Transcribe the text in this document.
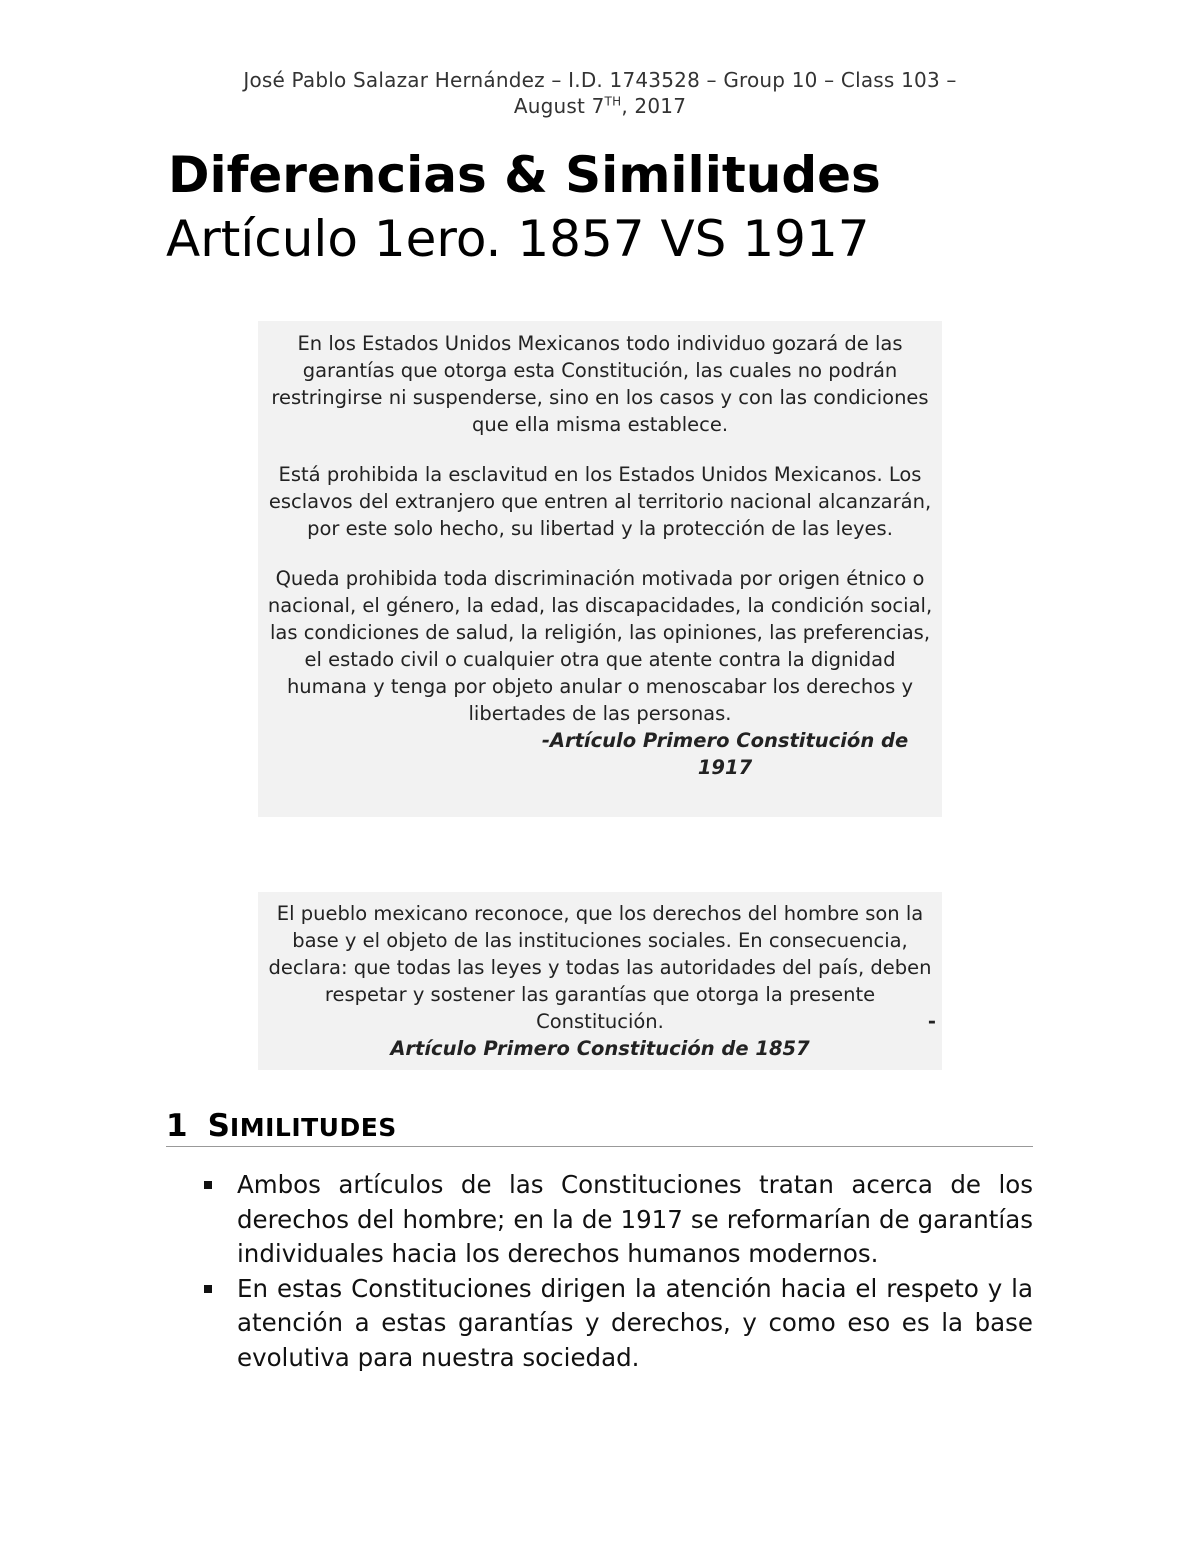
José Pablo Salazar Hernández – I.D. 1743528 – Group 10 – Class 103 –
August 7TH, 2017
Diferencias & Similitudes
Artículo 1ero. 1857 VS 1917

En los Estados Unidos Mexicanos todo individuo gozará de las garantías que otorga esta Constitución, las cuales no podrán restringirse ni suspenderse, sino en los casos y con las condiciones que ella misma establece.

Está prohibida la esclavitud en los Estados Unidos Mexicanos. Los esclavos del extranjero que entren al territorio nacional alcanzarán, por este solo hecho, su libertad y la protección de las leyes.

Queda prohibida toda discriminación motivada por origen étnico o nacional, el género, la edad, las discapacidades, la condición social, las condiciones de salud, la religión, las opiniones, las preferencias, el estado civil o cualquier otra que atente contra la dignidad humana y tenga por objeto anular o menoscabar los derechos y libertades de las personas.

-Artículo Primero Constitución de 1917

El pueblo mexicano reconoce, que los derechos del hombre son la base y el objeto de las instituciones sociales. En consecuencia, declara: que todas las leyes y todas las autoridades del país, deben respetar y sostener las garantías que otorga la presente Constitución.	-
Artículo Primero Constitución de 1857
1 SIMILITUDES
Ambos artículos de las Constituciones tratan acerca de los derechos del hombre; en la de 1917 se reformarían de garantías individuales hacia los derechos humanos modernos.
En estas Constituciones dirigen la atención hacia el respeto y la atención a estas garantías y derechos, y como eso es la base evolutiva para nuestra sociedad.
